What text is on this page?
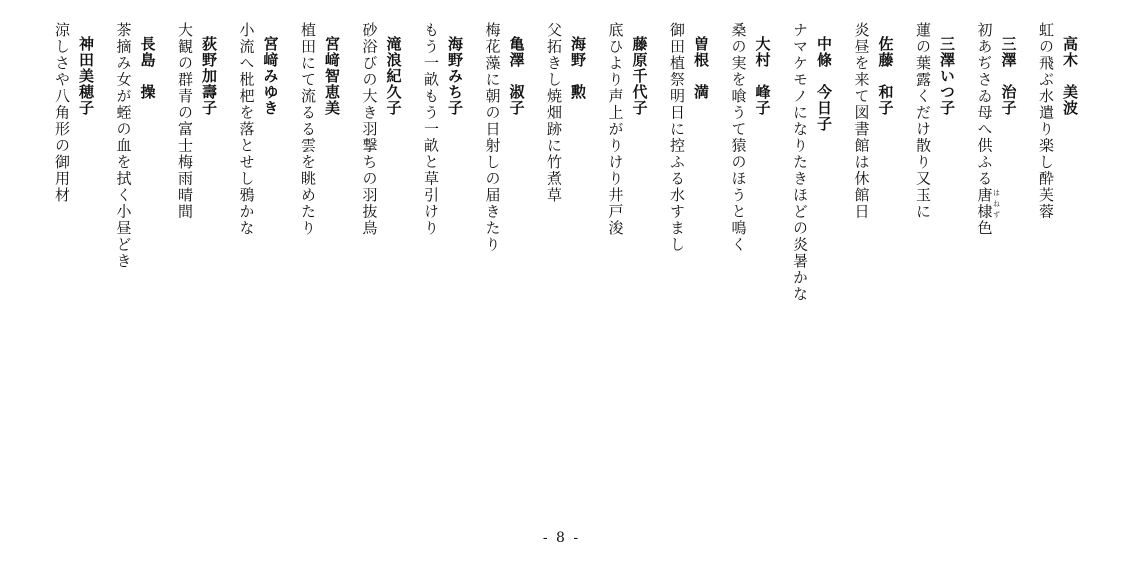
高木　美波
虹の飛ぶ水遣り楽し酔芙蓉
三澤　治子
初あぢさゐ母へ供ふる唐棣 はねず色
三澤いつ子
蓮の葉露くだけ散り又玉に
佐藤　和子
炎昼を来て図書館は休館日
中條　今日子
ナマケモノになりたきほどの炎暑かな
大村　峰子
桑の実を喰うて猿のほうと鳴く
曽根　満
御田植祭明日に控ふる水すまし
藤原千代子
底ひより声上がりけり井戸浚
海野　勲
父拓きし焼畑跡に竹煮草
亀澤　淑子
梅花藻に朝の日射しの届きたり
海野みち子
もう一畝もう一畝と草引けり
滝浪紀久子
砂浴びの大き羽撃ちの羽抜鳥
宮﨑智恵美
植田にて流るる雲を眺めたり
宮﨑みゆき
小流へ枇杷を落とせし鴉かな
荻野加壽子
大観の群青の富士梅雨晴間
長島　操
茶摘み女が蛭の血を拭く小昼どき
神田美穂子
涼しさや八角形の御用材
- 8 -
